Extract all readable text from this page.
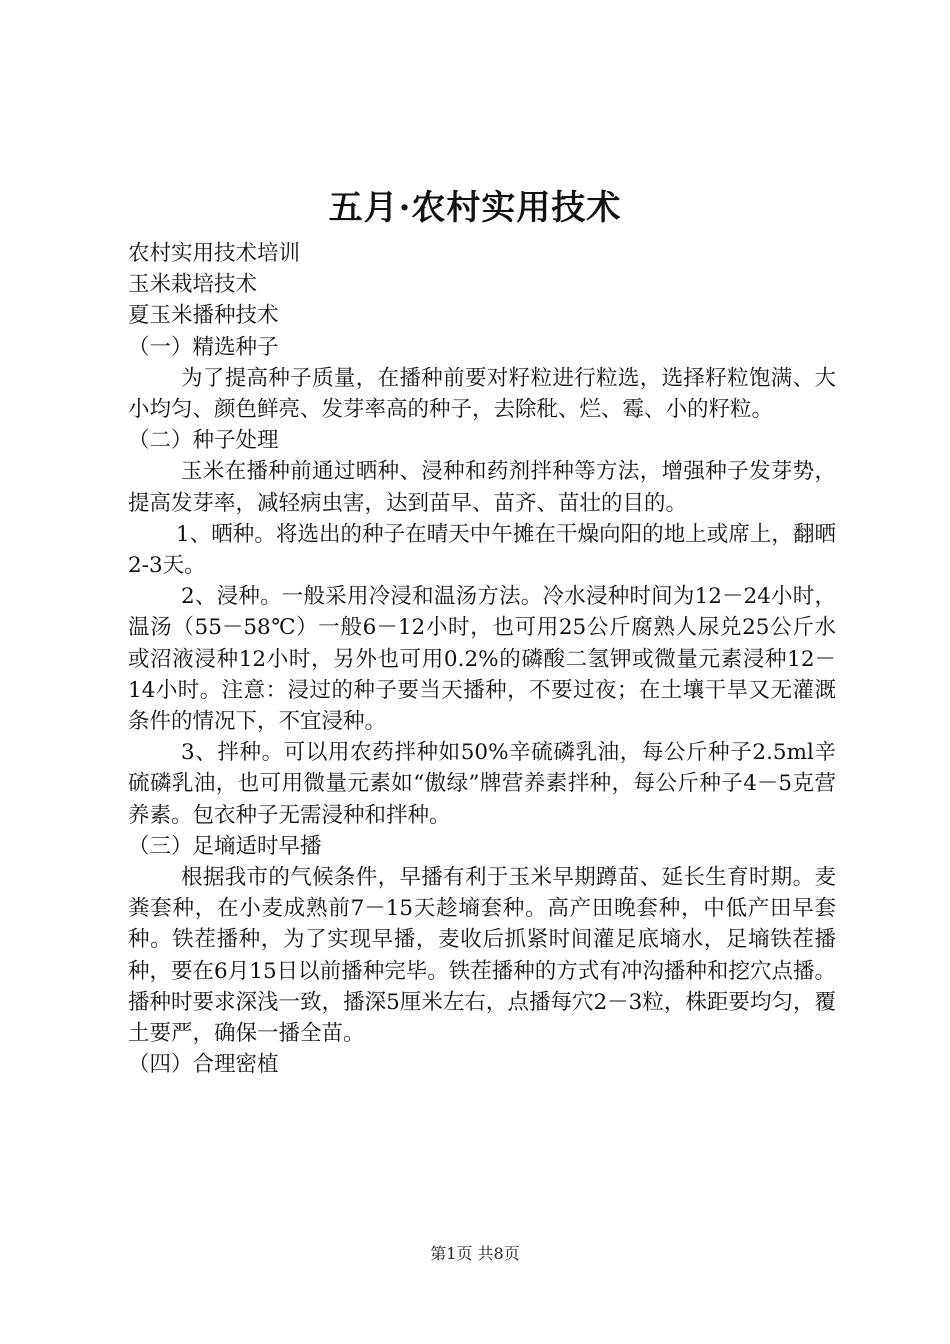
五月·农村实用技术

农村实用技术培训

玉米栽培技术

夏玉米播种技术

（一）精选种子

为了提高种子质量，在播种前要对籽粒进行粒选，选择籽粒饱满、大小均匀、颜色鲜亮、发芽率高的种子，去除秕、烂、霉、小的籽粒。

（二）种子处理

玉米在播种前通过晒种、浸种和药剂拌种等方法，增强种子发芽势，提高发芽率，减轻病虫害，达到苗早、苗齐、苗壮的目的。

1、晒种。将选出的种子在晴天中午摊在干燥向阳的地上或席上，翻晒2-3天。

2、浸种。一般采用冷浸和温汤方法。冷水浸种时间为12－24小时，温汤（55－58℃）一般6－12小时，也可用25公斤腐熟人尿兑25公斤水或沼液浸种12小时，另外也可用0.2%的磷酸二氢钾或微量元素浸种12－14小时。注意：浸过的种子要当天播种，不要过夜；在土壤干旱又无灌溉条件的情况下，不宜浸种。

3、拌种。可以用农药拌种如50%辛硫磷乳油，每公斤种子2.5ml辛硫磷乳油，也可用微量元素如“傲绿”牌营养素拌种，每公斤种子4－5克营养素。包衣种子无需浸种和拌种。

（三）足墒适时早播

根据我市的气候条件，早播有利于玉米早期蹲苗、延长生育时期。麦粪套种，在小麦成熟前7－15天趁墒套种。高产田晚套种，中低产田早套种。铁茬播种，为了实现早播，麦收后抓紧时间灌足底墒水，足墒铁茬播种，要在6月15日以前播种完毕。铁茬播种的方式有冲沟播种和挖穴点播。播种时要求深浅一致，播深5厘米左右，点播每穴2－3粒，株距要均匀，覆土要严，确保一播全苗。

（四）合理密植

第1页 共8页
